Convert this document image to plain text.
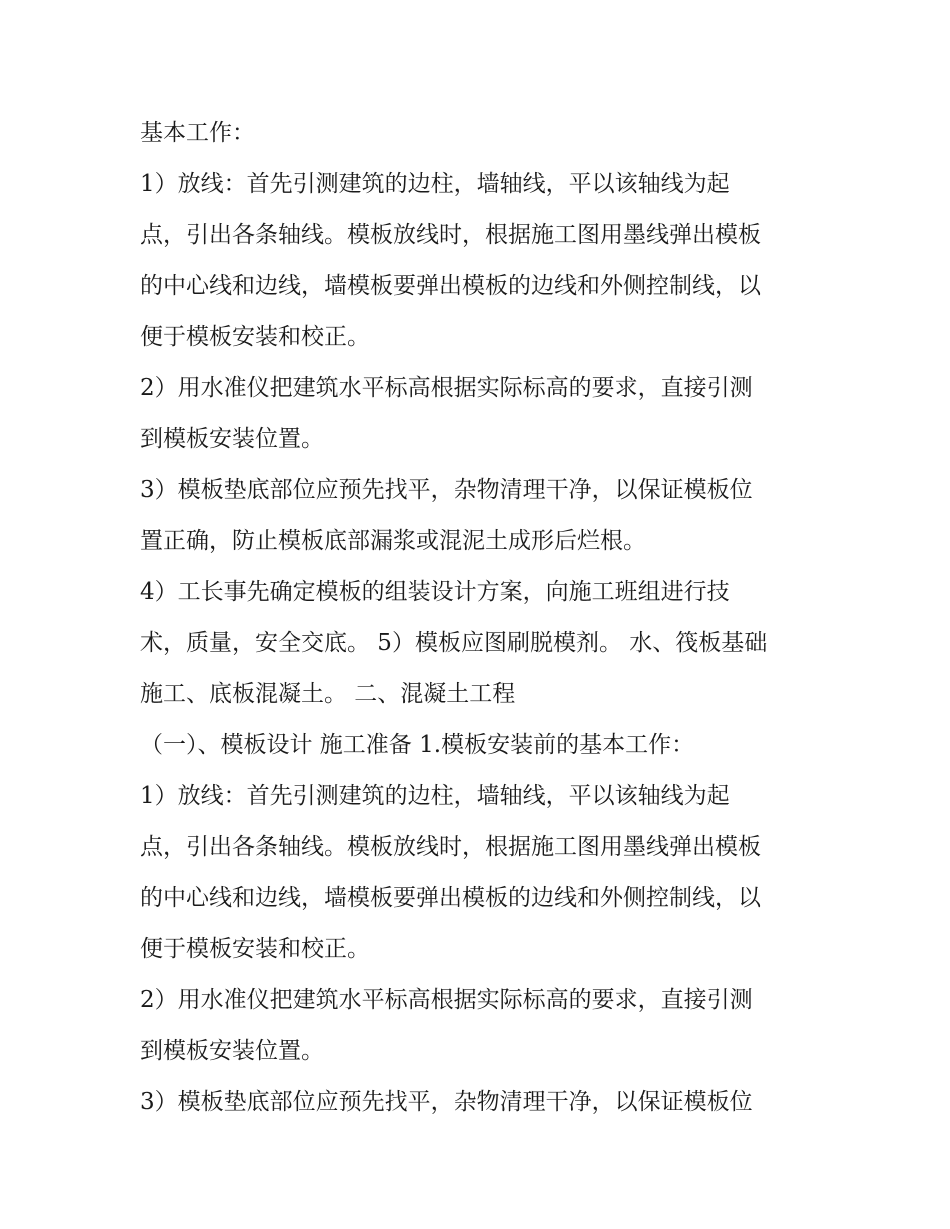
基本工作：
1）放线：首先引测建筑的边柱，墙轴线，平以该轴线为起
点，引出各条轴线。模板放线时，根据施工图用墨线弹出模板
的中心线和边线，墙模板要弹出模板的边线和外侧控制线，以
便于模板安装和校正。
2）用水准仪把建筑水平标高根据实际标高的要求，直接引测
到模板安装位置。
3）模板垫底部位应预先找平，杂物清理干净，以保证模板位
置正确，防止模板底部漏浆或混泥土成形后烂根。
4）工长事先确定模板的组装设计方案，向施工班组进行技
术，质量，安全交底。 5）模板应图刷脱模剂。 水、筏板基础
施工、底板混凝土。 二、混凝土工程
（一）、模板设计 施工准备 1.模板安装前的基本工作：
1）放线：首先引测建筑的边柱，墙轴线，平以该轴线为起
点，引出各条轴线。模板放线时，根据施工图用墨线弹出模板
的中心线和边线，墙模板要弹出模板的边线和外侧控制线，以
便于模板安装和校正。
2）用水准仪把建筑水平标高根据实际标高的要求，直接引测
到模板安装位置。
3）模板垫底部位应预先找平，杂物清理干净，以保证模板位
